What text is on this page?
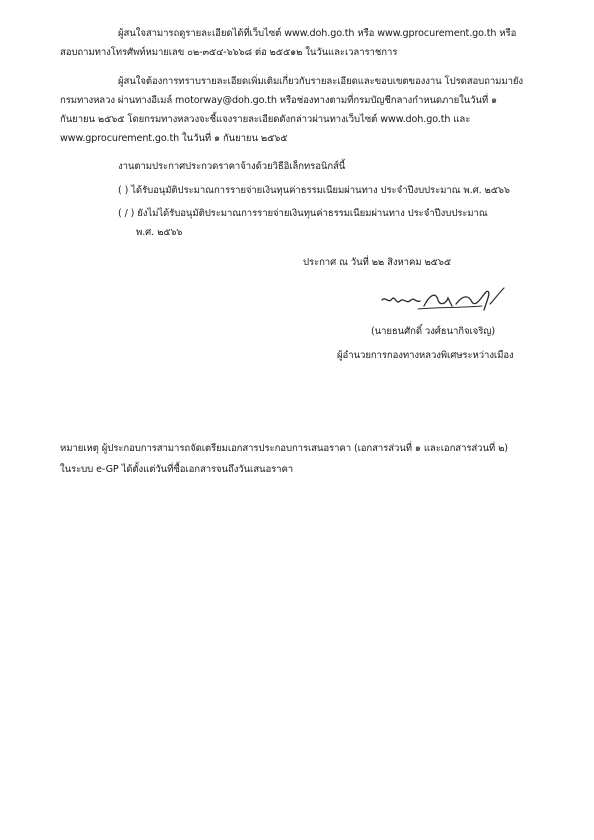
ผู้สนใจสามารถดูรายละเอียดได้ที่เว็บไซต์ www.doh.go.th หรือ www.gprocurement.go.th หรือ
สอบถามทางโทรศัพท์หมายเลข ๐๒-๓๕๔-๖๖๖๘ ต่อ ๒๕๕๑๒ ในวันและเวลาราชการ
ผู้สนใจต้องการทราบรายละเอียดเพิ่มเติมเกี่ยวกับรายละเอียดและขอบเขตของงาน โปรดสอบถามมายัง
กรมทางหลวง ผ่านทางอีเมล์ motorway@doh.go.th หรือช่องทางตามที่กรมบัญชีกลางกำหนดภายในวันที่ ๑
กันยายน ๒๕๖๕ โดยกรมทางหลวงจะชี้แจงรายละเอียดดังกล่าวผ่านทางเว็บไซต์ www.doh.go.th และ
www.gprocurement.go.th ในวันที่ ๑ กันยายน ๒๕๖๕
งานตามประกาศประกวดราคาจ้างด้วยวิธีอิเล็กทรอนิกส์นี้
( ) ได้รับอนุมัติประมาณการรายจ่ายเงินทุนค่าธรรมเนียมผ่านทาง ประจำปีงบประมาณ พ.ศ. ๒๕๖๖
( / ) ยังไม่ได้รับอนุมัติประมาณการรายจ่ายเงินทุนค่าธรรมเนียมผ่านทาง ประจำปีงบประมาณ
พ.ศ. ๒๕๖๖
ประกาศ ณ วันที่ ๒๒ สิงหาคม ๒๕๖๕
(นายธนศักดิ์ วงศ์ธนากิจเจริญ)
ผู้อำนวยการกองทางหลวงพิเศษระหว่างเมือง
หมายเหตุ ผู้ประกอบการสามารถจัดเตรียมเอกสารประกอบการเสนอราคา (เอกสารส่วนที่ ๑ และเอกสารส่วนที่ ๒)
ในระบบ e-GP ได้ตั้งแต่วันที่ซื้อเอกสารจนถึงวันเสนอราคา
